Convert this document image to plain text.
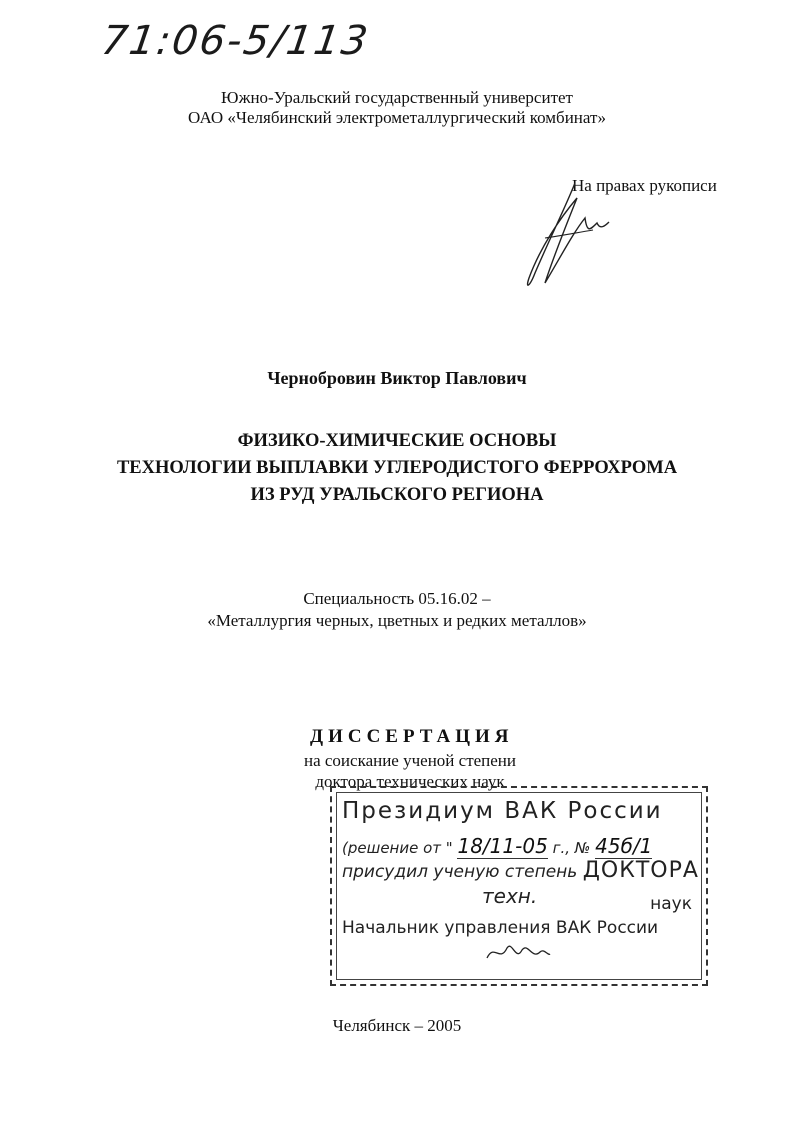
71:06-5/113
Южно-Уральский государственный университет
ОАО «Челябинский электрометаллургический комбинат»
На правах рукописи
Чернобровин Виктор Павлович
ФИЗИКО-ХИМИЧЕСКИЕ ОСНОВЫ
ТЕХНОЛОГИИ ВЫПЛАВКИ УГЛЕРОДИСТОГО ФЕРРОХРОМА
ИЗ РУД УРАЛЬСКОГО РЕГИОНА
Специальность 05.16.02 –
«Металлургия черных, цветных и редких металлов»
ДИССЕРТАЦИЯ
на соискание ученой степени
доктора технических наук
Президиум ВАК России
(решение от " 18/11-05 г., № 45б/1
присудил ученую степень ДОКТОРА
техн.	наук
Начальник управления ВАК России
Челябинск – 2005
